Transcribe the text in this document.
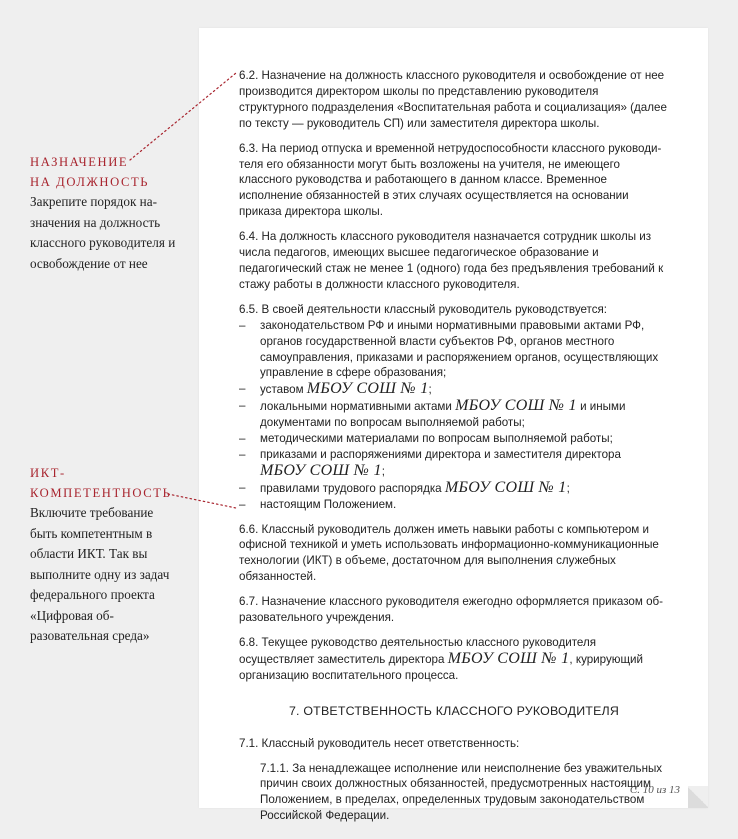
6.2. Назначение на должность классного руководителя и освобождение от нее производится директором школы по представлению руководителя структурного подразделения «Воспитательная работа и социализация» (далее по тексту — руководитель СП) или заместителя директора школы.

6.3. На период отпуска и временной нетрудоспособности классного руководителя его обязанности могут быть возложены на учителя, не имеющего классного руководства и работающего в данном классе. Временное исполнение обязанностей в этих случаях осуществляется на основании приказа директора школы.

6.4. На должность классного руководителя назначается сотрудник школы из числа педагогов, имеющих высшее педагогическое образование и педагогический стаж не менее 1 (одного) года без предъявления требований к стажу работы в должности классного руководителя.

6.5. В своей деятельности классный руководитель руководствуется:

– законодательством РФ и иными нормативными правовыми актами РФ, органов государственной власти субъектов РФ, органов местного самоуправления, приказами и распоряжением органов, осуществляющих управление в сфере образования;
– уставом МБОУ СОШ № 1;
– локальными нормативными актами МБОУ СОШ № 1 и иными документами по вопросам выполняемой работы;
– методическими материалами по вопросам выполняемой работы;
– приказами и распоряжениями директора и заместителя директора МБОУ СОШ № 1;
– правилами трудового распорядка МБОУ СОШ № 1;
– настоящим Положением.

6.6. Классный руководитель должен иметь навыки работы с компьютером и офисной техникой и уметь использовать информационно-коммуникационные технологии (ИКТ) в объеме, достаточном для выполнения служебных обязанностей.

6.7. Назначение классного руководителя ежегодно оформляется приказом образовательного учреждения.

6.8. Текущее руководство деятельностью классного руководителя осуществляет заместитель директора МБОУ СОШ № 1, курирующий организацию воспитательного процесса.

7. ОТВЕТСТВЕННОСТЬ КЛАССНОГО РУКОВОДИТЕЛЯ

7.1. Классный руководитель несет ответственность:

7.1.1. За ненадлежащее исполнение или неисполнение без уважительных причин своих должностных обязанностей, предусмотренных настоящим Положением, в пределах, определенных трудовым законодательством Российской Федерации.

С. 10 из 13
НАЗНАЧЕНИЕ
НА ДОЛЖНОСТЬ
Закрепите порядок назначения на должность классного руководителя и освобождение от нее
ИКТ-
КОМПЕТЕНТНОСТЬ
Включите требование быть компетентным в области ИКТ. Так вы выполните одну из задач федерального проекта «Цифровая образовательная среда»
